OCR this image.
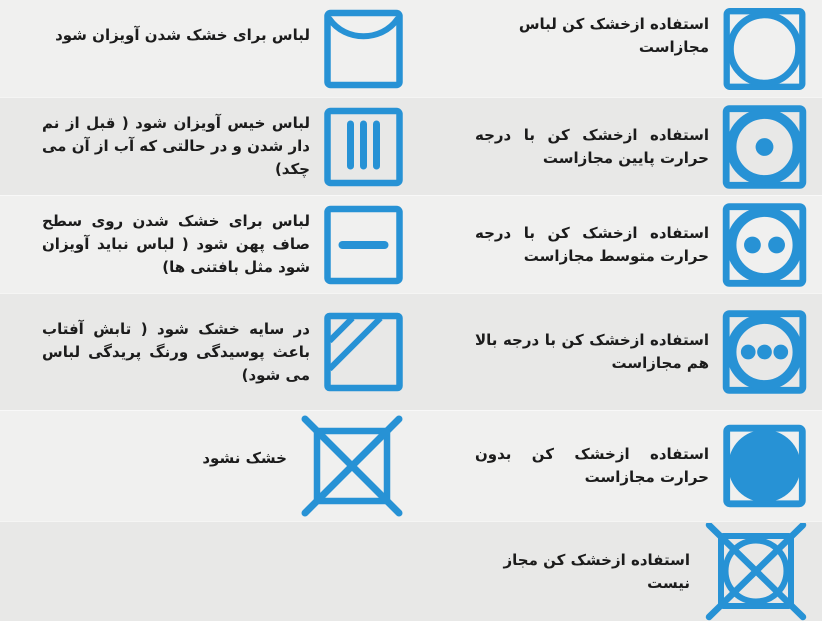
لباس برای خشک شدن آویزان شود

استفاده ازخشک کن لباس مجازاست

لباس خیس آویزان شود ( قبل از نم دار شدن و در حالتی که آب از آن می چکد)

استفاده ازخشک کن با درجه حرارت پایین مجازاست

لباس برای خشک شدن روی سطح صاف پهن شود ( لباس نباید آویزان شود مثل بافتنی ها)

استفاده ازخشک کن با درجه حرارت متوسط مجازاست

در سایه خشک شود ( تابش آفتاب باعث پوسیدگی ورنگ پریدگی لباس می شود)

استفاده ازخشک کن با درجه بالا هم مجازاست

خشک نشود	استفاده ازخشک کن بدون حرارت مجازاست

استفاده ازخشک کن مجاز نیست
